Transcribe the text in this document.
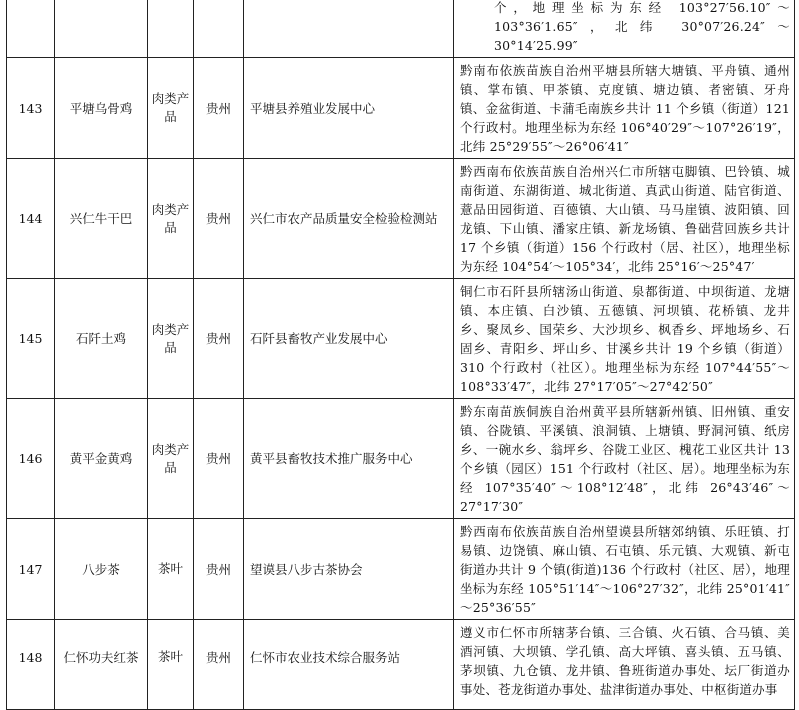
					个，地理坐标为东经 103°27′56.10″～103°36′1.65″，北纬 30°07′26.24″～30°14′25.99″
143	平塘乌骨鸡	肉类产品	贵州	平塘县养殖业发展中心	黔南布依族苗族自治州平塘县所辖大塘镇、平舟镇、通州镇、掌布镇、甲茶镇、克度镇、塘边镇、者密镇、牙舟镇、金盆街道、卡蒲毛南族乡共计 11 个乡镇（街道）121 个行政村。地理坐标为东经 106°40′29″～107°26′19″，北纬 25°29′55″～26°06′41″
144	兴仁牛干巴	肉类产品	贵州	兴仁市农产品质量安全检验检测站	黔西南布依族苗族自治州兴仁市所辖屯脚镇、巴铃镇、城南街道、东湖街道、城北街道、真武山街道、陆官街道、薏品田园街道、百德镇、大山镇、马马崖镇、波阳镇、回龙镇、下山镇、潘家庄镇、新龙场镇、鲁础营回族乡共计 17 个乡镇（街道）156 个行政村（居、社区），地理坐标为东经 104°54′～105°34′，北纬 25°16′～25°47′
145	石阡土鸡	肉类产品	贵州	石阡县畜牧产业发展中心	铜仁市石阡县所辖汤山街道、泉都街道、中坝街道、龙塘镇、本庄镇、白沙镇、五德镇、河坝镇、花桥镇、龙井乡、聚凤乡、国荣乡、大沙坝乡、枫香乡、坪地场乡、石固乡、青阳乡、坪山乡、甘溪乡共计 19 个乡镇（街道）310 个行政村（社区）。地理坐标为东经 107°44′55″～108°33′47″，北纬 27°17′05″～27°42′50″
146	黄平金黄鸡	肉类产品	贵州	黄平县畜牧技术推广服务中心	黔东南苗族侗族自治州黄平县所辖新州镇、旧州镇、重安镇、谷陇镇、平溪镇、浪洞镇、上塘镇、野洞河镇、纸房乡、一碗水乡、翁坪乡、谷陇工业区、槐花工业区共计 13 个乡镇（园区）151 个行政村（社区、居）。地理坐标为东经 107°35′40″～108°12′48″，北纬 26°43′46″～27°17′30″
147	八步茶	茶叶	贵州	望谟县八步古茶协会	黔西南布依族苗族自治州望谟县所辖郊纳镇、乐旺镇、打易镇、边饶镇、麻山镇、石屯镇、乐元镇、大观镇、新屯街道办共计 9 个镇(街道)136 个行政村（社区、居），地理坐标为东经 105°51′14″～106°27′32″，北纬 25°01′41″～25°36′55″
148	仁怀功夫红茶	茶叶	贵州	仁怀市农业技术综合服务站	遵义市仁怀市所辖茅台镇、三合镇、火石镇、合马镇、美酒河镇、大坝镇、学孔镇、高大坪镇、喜头镇、五马镇、茅坝镇、九仓镇、龙井镇、鲁班街道办事处、坛厂街道办事处、苍龙街道办事处、盐津街道办事处、中枢街道办事
